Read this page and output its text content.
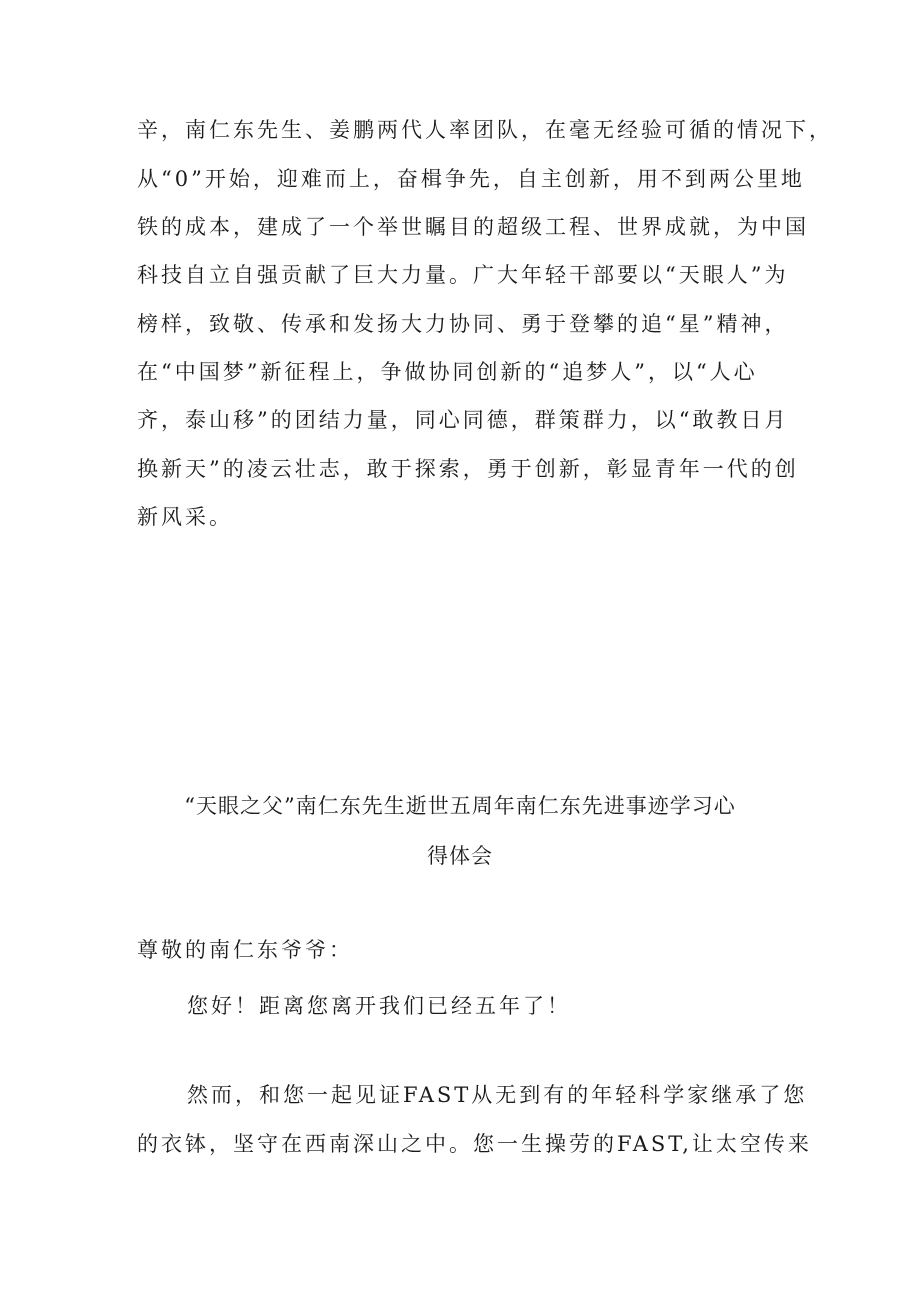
辛，南仁东先生、姜鹏两代人率团队，在毫无经验可循的情况下，
从“0”开始，迎难而上，奋楫争先，自主创新，用不到两公里地
铁的成本，建成了一个举世瞩目的超级工程、世界成就，为中国
科技自立自强贡献了巨大力量。广大年轻干部要以“天眼人”为
榜样，致敬、传承和发扬大力协同、勇于登攀的追“星”精神，
在“中国梦”新征程上，争做协同创新的“追梦人”，以“人心
齐，泰山移”的团结力量，同心同德，群策群力，以“敢教日月
换新天”的凌云壮志，敢于探索，勇于创新，彰显青年一代的创
新风采。
“天眼之父”南仁东先生逝世五周年南仁东先进事迹学习心
得体会
尊敬的南仁东爷爷：
您好！距离您离开我们已经五年了！
然而，和您一起见证FAST从无到有的年轻科学家继承了您
的衣钵，坚守在西南深山之中。您一生操劳的FAST,让太空传来
